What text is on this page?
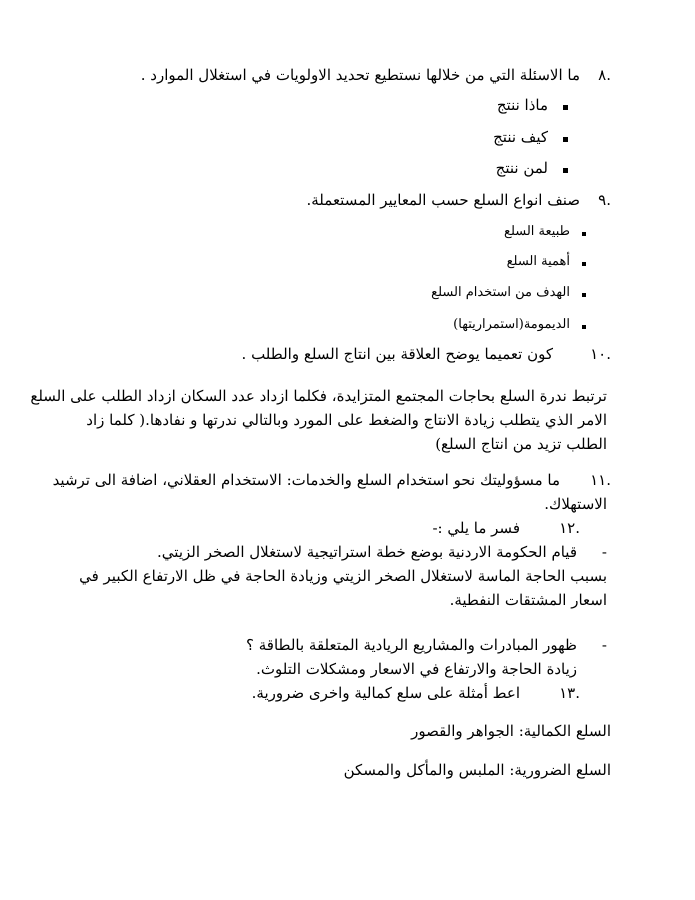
.٨
ما الاسئلة التي من خلالها نستطيع تحديد الاولويات في استغلال الموارد .
ماذا ننتج
كيف ننتج
لمن ننتج
.٩
صنف انواع السلع حسب المعايير المستعملة.
طبيعة السلع
أهمية السلع
الهدف من استخدام السلع
الديمومة(استمراريتها)
.١٠
كون تعميما يوضح العلاقة بين انتاج السلع والطلب .
ترتبط ندرة السلع بحاجات المجتمع المتزايدة، فكلما ازداد عدد السكان ازداد الطلب على السلع
الامر الذي يتطلب زيادة الانتاج والضغط على المورد وبالتالي ندرتها و نفادها.( كلما زاد
الطلب تزيد من انتاج السلع)
.١١
ما مسؤوليتك نحو استخدام السلع والخدمات: الاستخدام العقلاني، اضافة الى ترشيد
الاستهلاك.
.١٢
فسر ما يلي :-
-
قيام الحكومة الاردنية بوضع خطة استراتيجية لاستغلال الصخر الزيتي.
بسبب الحاجة الماسة لاستغلال الصخر الزيتي وزيادة الحاجة في ظل الارتفاع الكبير في
اسعار المشتقات النفطية.
-
ظهور المبادرات والمشاريع الريادية المتعلقة بالطاقة ؟
زيادة الحاجة والارتفاع في الاسعار ومشكلات التلوث.
.١٣
اعط أمثلة على سلع كمالية واخرى ضرورية.
السلع الكمالية: الجواهر والقصور
السلع الضرورية: الملبس والمأكل والمسكن
